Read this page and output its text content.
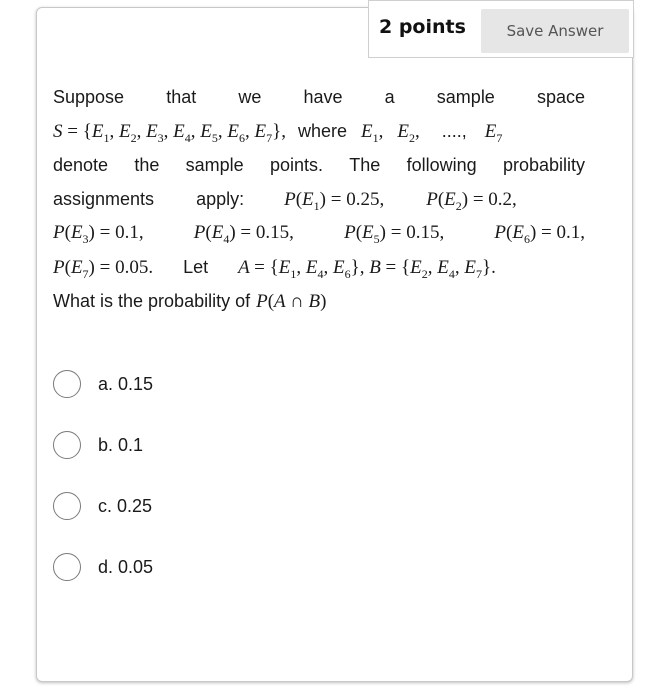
2 points	Save Answer
Suppose that we have a sample space
$S = \{E_1$, $E_2$, $E_3$, $E_4$, $E_5$, $E_6$, $E_7$}, where $E_1$, $E_2$, ...., $E_7$
denote the sample points. The following probability
assignments apply: $P(E_1) = 0.25$, $P(E_2) = 0.2$,
$P(E_3) = 0.1$,	$P(E_4) = 0.15$,	$P(E_5) = 0.15$,	$P(E_6) = 0.1$,
$P(E_7) = 0.05$. Let $A = \{E_1$, $E_4$, $E_6$}, $B = \{E_2$, $E_4$, $E_7$}.
What is the probability of P(A ∩ B)
a. 0.15
b. 0.1
c. 0.25
d. 0.05
